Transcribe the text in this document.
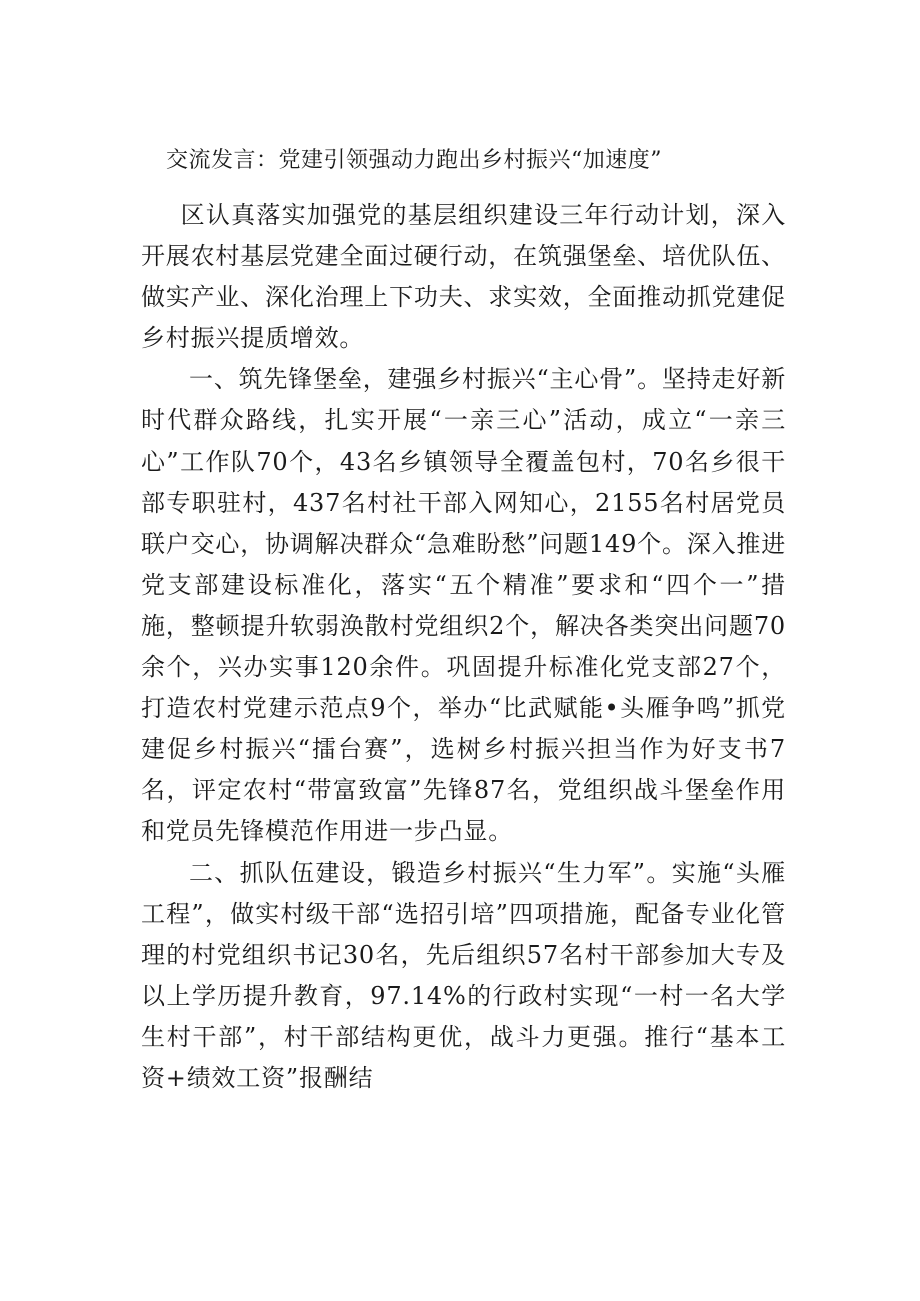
交流发言：党建引领强动力跑出乡村振兴“加速度”

区认真落实加强党的基层组织建设三年行动计划，深入开展农村基层党建全面过硬行动，在筑强堡垒、培优队伍、做实产业、深化治理上下功夫、求实效，全面推动抓党建促乡村振兴提质增效。

一、筑先锋堡垒，建强乡村振兴“主心骨”。坚持走好新时代群众路线，扎实开展“一亲三心”活动，成立“一亲三心”工作队70个，43名乡镇领导全覆盖包村，70名乡很干部专职驻村，437名村社干部入网知心，2155名村居党员联户交心，协调解决群众“急难盼愁”问题149个。深入推进党支部建设标准化，落实“五个精准”要求和“四个一”措施，整顿提升软弱涣散村党组织2个，解决各类突出问题70余个，兴办实事120余件。巩固提升标准化党支部27个，打造农村党建示范点9个，举办“比武赋能•头雁争鸣”抓党建促乡村振兴“擂台赛”，选树乡村振兴担当作为好支书7名，评定农村“带富致富”先锋87名，党组织战斗堡垒作用和党员先锋模范作用进一步凸显。

二、抓队伍建设，锻造乡村振兴“生力军”。实施“头雁工程”，做实村级干部“选招引培”四项措施，配备专业化管理的村党组织书记30名，先后组织57名村干部参加大专及以上学历提升教育，97.14%的行政村实现“一村一名大学生村干部”，村干部结构更优，战斗力更强。推行“基本工资+绩效工资”报酬结
